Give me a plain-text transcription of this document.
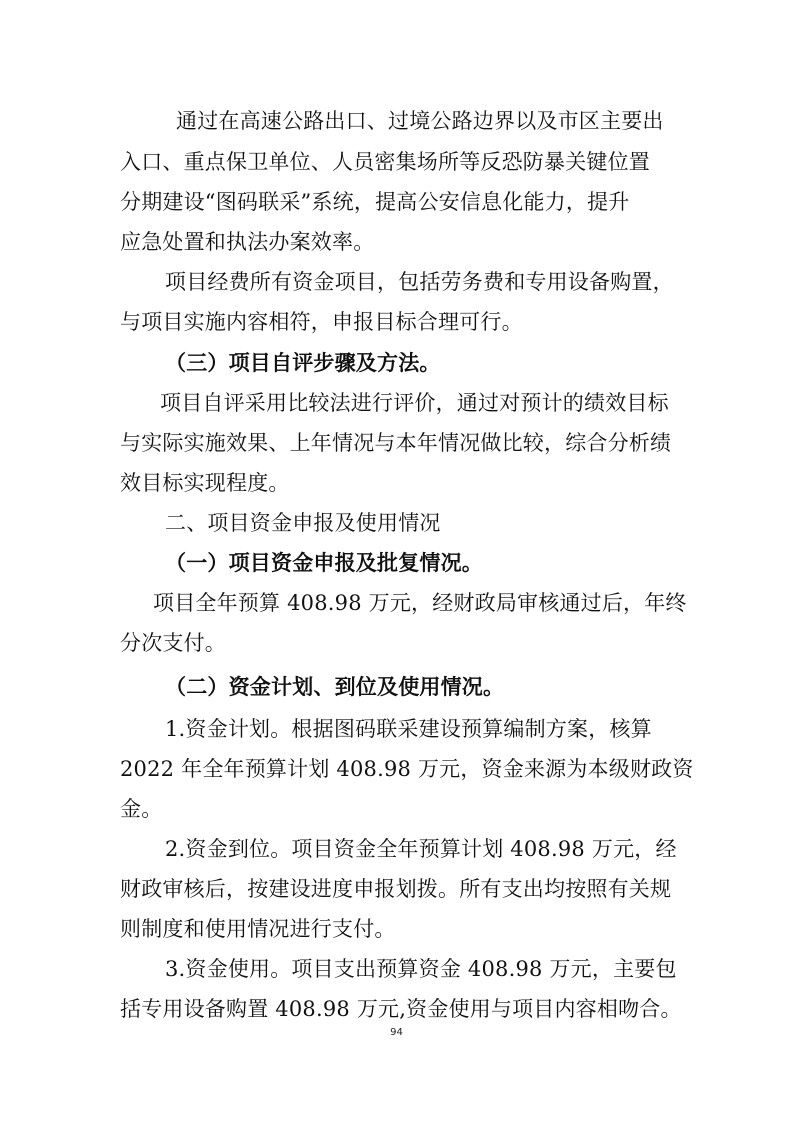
通过在高速公路出口、过境公路边界以及市区主要出
入口、重点保卫单位、人员密集场所等反恐防暴关键位置
分期建设“图码联采”系统，提高公安信息化能力，提升
应急处置和执法办案效率。
项目经费所有资金项目，包括劳务费和专用设备购置，
与项目实施内容相符，申报目标合理可行。
（三）项目自评步骤及方法。
项目自评采用比较法进行评价，通过对预计的绩效目标
与实际实施效果、上年情况与本年情况做比较，综合分析绩
效目标实现程度。
二、项目资金申报及使用情况
（一）项目资金申报及批复情况。
项目全年预算 408.98 万元，经财政局审核通过后，年终
分次支付。
（二）资金计划、到位及使用情况。
1.资金计划。根据图码联采建设预算编制方案，核算
2022 年全年预算计划 408.98 万元，资金来源为本级财政资
金。
2.资金到位。项目资金全年预算计划 408.98 万元，经
财政审核后，按建设进度申报划拨。所有支出均按照有关规
则制度和使用情况进行支付。
3.资金使用。项目支出预算资金 408.98 万元，主要包
括专用设备购置 408.98 万元,资金使用与项目内容相吻合。
94
